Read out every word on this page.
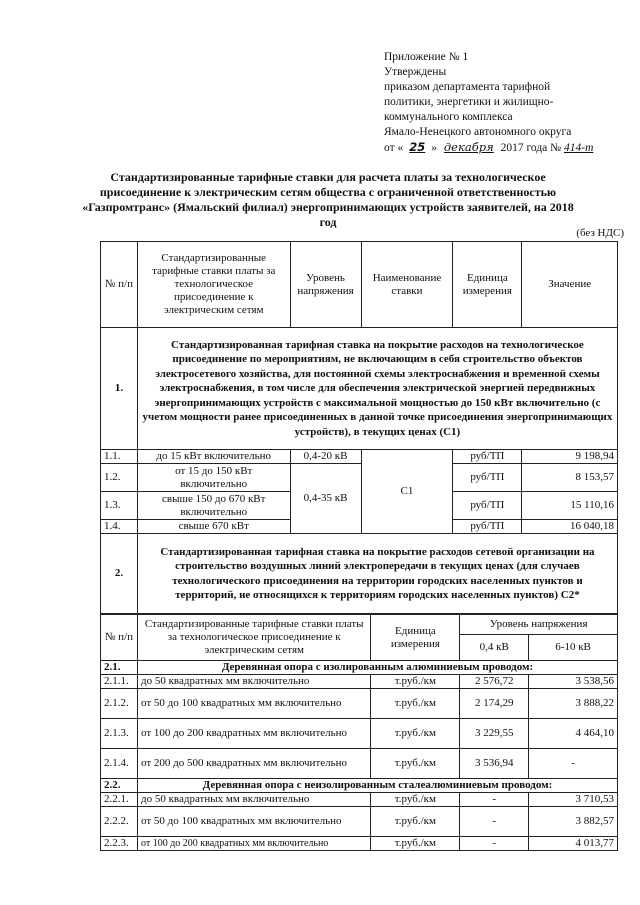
Приложение № 1
Утверждены
приказом департамента тарифной
политики, энергетики и жилищно-
коммунального комплекса
Ямало-Ненецкого автономного округа
от « 25 » декабря 2017 года № 414-т
Стандартизированные тарифные ставки для расчета платы за технологическое присоединение к электрическим сетям общества с ограниченной ответственностью «Газпромтранс» (Ямальский филиал) энергопринимающих устройств заявителей, на 2018 год
(без НДС)
№ п/п	Стандартизированные тарифные ставки платы за технологическое присоединение к электрическим сетям	Уровень напряжения	Наименование ставки	Единица измерения	Значение
1.	Стандартизированная тарифная ставка на покрытие расходов на технологическое присоединение по мероприятиям, не включающим в себя строительство объектов электросетевого хозяйства, для постоянной схемы электроснабжения и временной схемы электроснабжения, в том числе для обеспечения электрической энергией передвижных энергопринимающих устройств с максимальной мощностью до 150 кВт включительно (с учетом мощности ранее присоединенных в данной точке присоединения энергопринимающих устройств), в текущих ценах (С1)				
1.1.	до 15 кВт включительно	0,4-20 кВ	С1	руб/ТП	9 198,94
1.2.	от 15 до 150 кВт включительно	0,4-35 кВ		руб/ТП	8 153,57
1.3.	свыше 150 до 670 кВт включительно			руб/ТП	15 110,16
1.4.	свыше 670 кВт			руб/ТП	16 040,18
2.	Стандартизированная тарифная ставка на покрытие расходов сетевой организации на строительство воздушных линий электропередачи в текущих ценах (для случаев технологического присоединения на территории городских населенных пунктов и территорий, не относящихся к территориям городских населенных пунктов) С2*				
№ п/п	Стандартизированные тарифные ставки платы за технологическое присоединение к электрическим сетям	Единица измерения	Уровень напряжения	
			0,4 кВ	6-10 кВ
2.1.	Деревянная опора с изолированным алюминиевым проводом:			
2.1.1.	до 50 квадратных мм включительно	т.руб./км	2 576,72	3 538,56
2.1.2.	от 50 до 100 квадратных мм включительно	т.руб./км	2 174,29	3 888,22
2.1.3.	от 100 до 200 квадратных мм включительно	т.руб./км	3 229,55	4 464,10
2.1.4.	от 200 до 500 квадратных мм включительно	т.руб./км	3 536,94	-
2.2.	Деревянная опора с неизолированным сталеалюминиевым проводом:			
2.2.1.	до 50 квадратных мм включительно	т.руб./км	-	3 710,53
2.2.2.	от 50 до 100 квадратных мм включительно	т.руб./км	-	3 882,57
2.2.3.	от 100 до 200 квадратных мм включительно	т.руб./км	-	4 013,77
